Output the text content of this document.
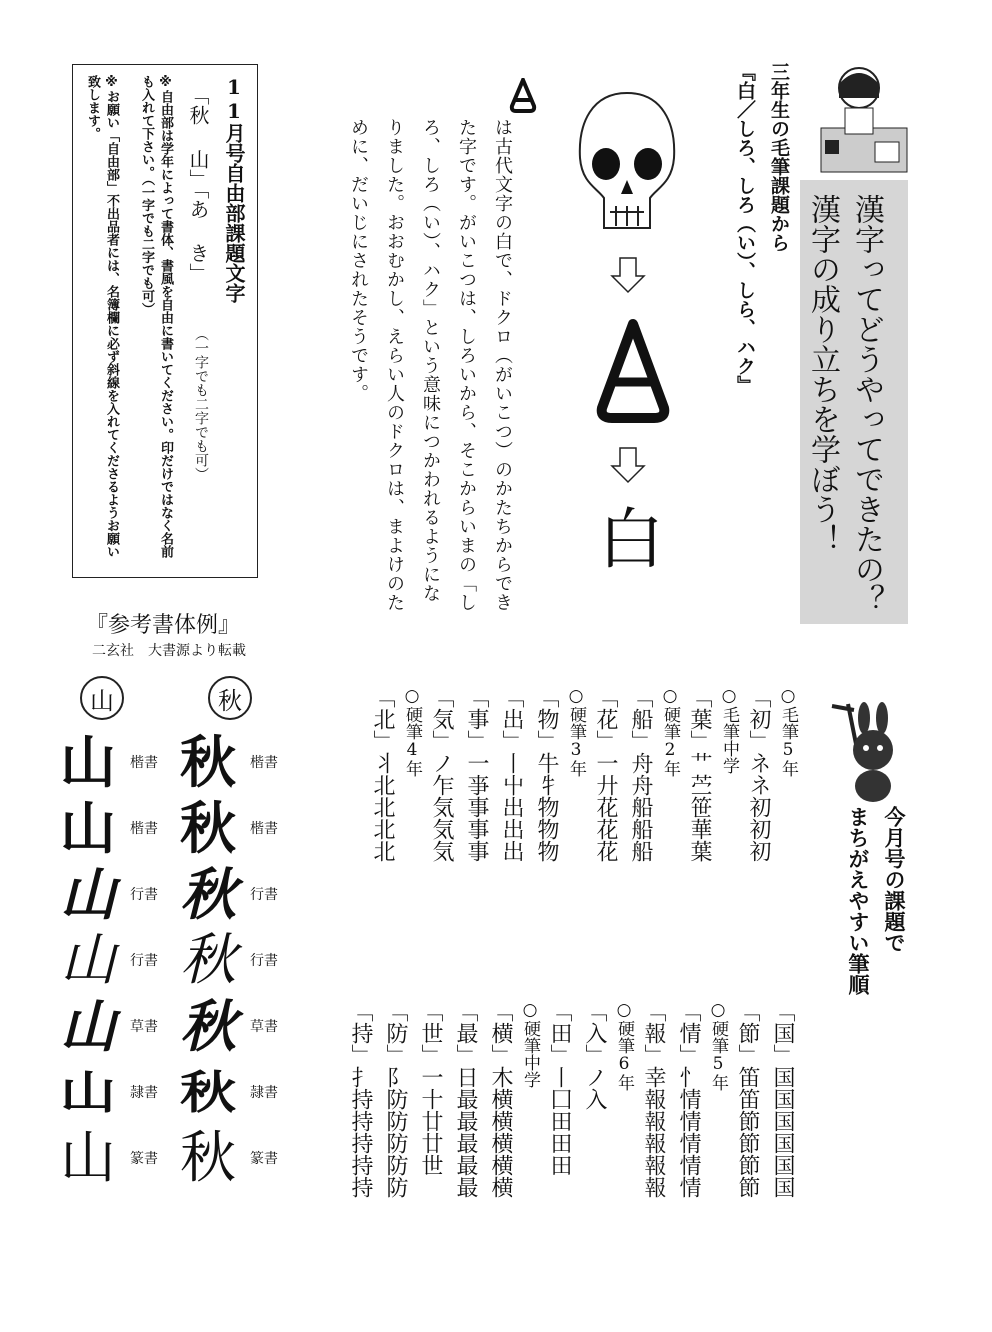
漢字ってどうやってできたの？
漢字の成り立ちを学ぼう！
三年生の毛筆課題から
『白／しろ、しろ（い）、しら、ハク』
白
は古代文字の白で、ドクロ（がいこつ）のかたちからできた字です。がいこつは、しろいから、そこからいまの「しろ、しろ（い）、ハク」という意味につかわれるようになりました。おおむかし、えらい人のドクロは、まよけのために、だいじにされたそうです。
11月号自由部課題文字
「秋 山」「あ き」
（一字でも二字でも可）
※自由部は学年によって書体、書風を自由に書いてください。印だけではなく名前も入れて下さい。（一字でも二字でも可）
※お願い「自由部」不出品者には、名簿欄に必ず斜線を入れてくださるようお願い致します。
『参考書体例』
二玄社　大書源より転載
秋
山
秋 楷書
秋 楷書
秋 行書
秋 行書
秋 草書
秋 隷書
秋 篆書
山 楷書
山 楷書
山 行書
山 行書
山 草書
山 隷書
山 篆書
今月号の課題で
まちがえやすい筆順
○毛筆5年
「初」ネネ初初初
○毛筆中学
「葉」艹苎笹華葉
○硬筆2年
「船」舟舟船船船
「花」一廾花花花
○硬筆3年
「物」牛牜物物物
「出」丨屮出出出
「事」一亊事事事
「気」ノ乍気気気
○硬筆4年
「北」丬北北北北
「国」国国国国国国
「節」笛笛節節節節
○硬筆5年
「情」忄情情情情情
「報」幸報報報報報
○硬筆6年
「入」ノ入
「田」丨囗田田田
○硬筆中学
「横」木横横横横横
「最」日最最最最最
「世」一十廿廿世
「防」阝防防防防防
「持」扌持持持持持
